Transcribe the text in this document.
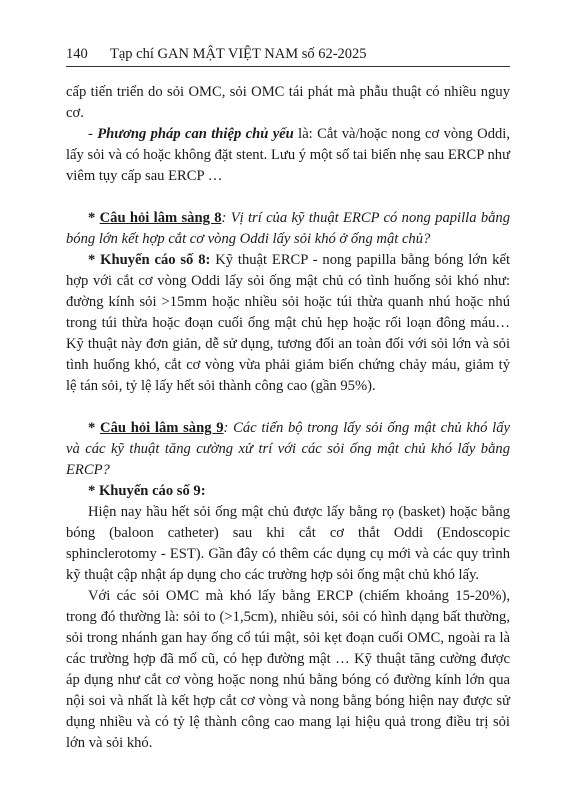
140 Tạp chí GAN MẬT VIỆT NAM số 62-2025

cấp tiến triển do sỏi OMC, sỏi OMC tái phát mà phẫu thuật có nhiều nguy cơ.

- Phương pháp can thiệp chủ yếu là: Cắt và/hoặc nong cơ vòng Oddi, lấy sỏi và có hoặc không đặt stent. Lưu ý một số tai biến nhẹ sau ERCP như viêm tụy cấp sau ERCP …

* Câu hỏi lâm sàng 8: Vị trí của kỹ thuật ERCP có nong papilla bằng bóng lớn kết hợp cắt cơ vòng Oddi lấy sỏi khó ở ống mật chủ?

* Khuyến cáo số 8: Kỹ thuật ERCP - nong papilla bằng bóng lớn kết hợp với cắt cơ vòng Oddi lấy sỏi ống mật chủ có tình huống sỏi khó như: đường kính sỏi >15mm hoặc nhiều sỏi hoặc túi thừa quanh nhú hoặc nhú trong túi thừa hoặc đoạn cuối ống mật chủ hẹp hoặc rối loạn đông máu… Kỹ thuật này đơn giản, dễ sử dụng, tương đối an toàn đối với sỏi lớn và sỏi tình huống khó, cắt cơ vòng vừa phải giảm biến chứng chảy máu, giảm tỷ lệ tán sỏi, tỷ lệ lấy hết sỏi thành công cao (gần 95%).

* Câu hỏi lâm sàng 9: Các tiến bộ trong lấy sỏi ống mật chủ khó lấy và các kỹ thuật tăng cường xử trí với các sỏi ống mật chủ khó lấy bằng ERCP?

* Khuyến cáo số 9:

Hiện nay hầu hết sỏi ống mật chủ được lấy bằng rọ (basket) hoặc bằng bóng (baloon catheter) sau khi cắt cơ thắt Oddi (Endoscopic sphinclerotomy - EST). Gần đây có thêm các dụng cụ mới và các quy trình kỹ thuật cập nhật áp dụng cho các trường hợp sỏi ống mật chủ khó lấy.

Với các sỏi OMC mà khó lấy bằng ERCP (chiếm khoảng 15-20%), trong đó thường là: sỏi to (>1,5cm), nhiều sỏi, sỏi có hình dạng bất thường, sỏi trong nhánh gan hay ống cổ túi mật, sỏi kẹt đoạn cuối OMC, ngoài ra là các trường hợp đã mổ cũ, có hẹp đường mật … Kỹ thuật tăng cường được áp dụng như cắt cơ vòng hoặc nong nhú bằng bóng có đường kính lớn qua nội soi và nhất là kết hợp cắt cơ vòng và nong bằng bóng hiện nay được sử dụng nhiều và có tỷ lệ thành công cao mang lại hiệu quả trong điều trị sỏi lớn và sỏi khó.
